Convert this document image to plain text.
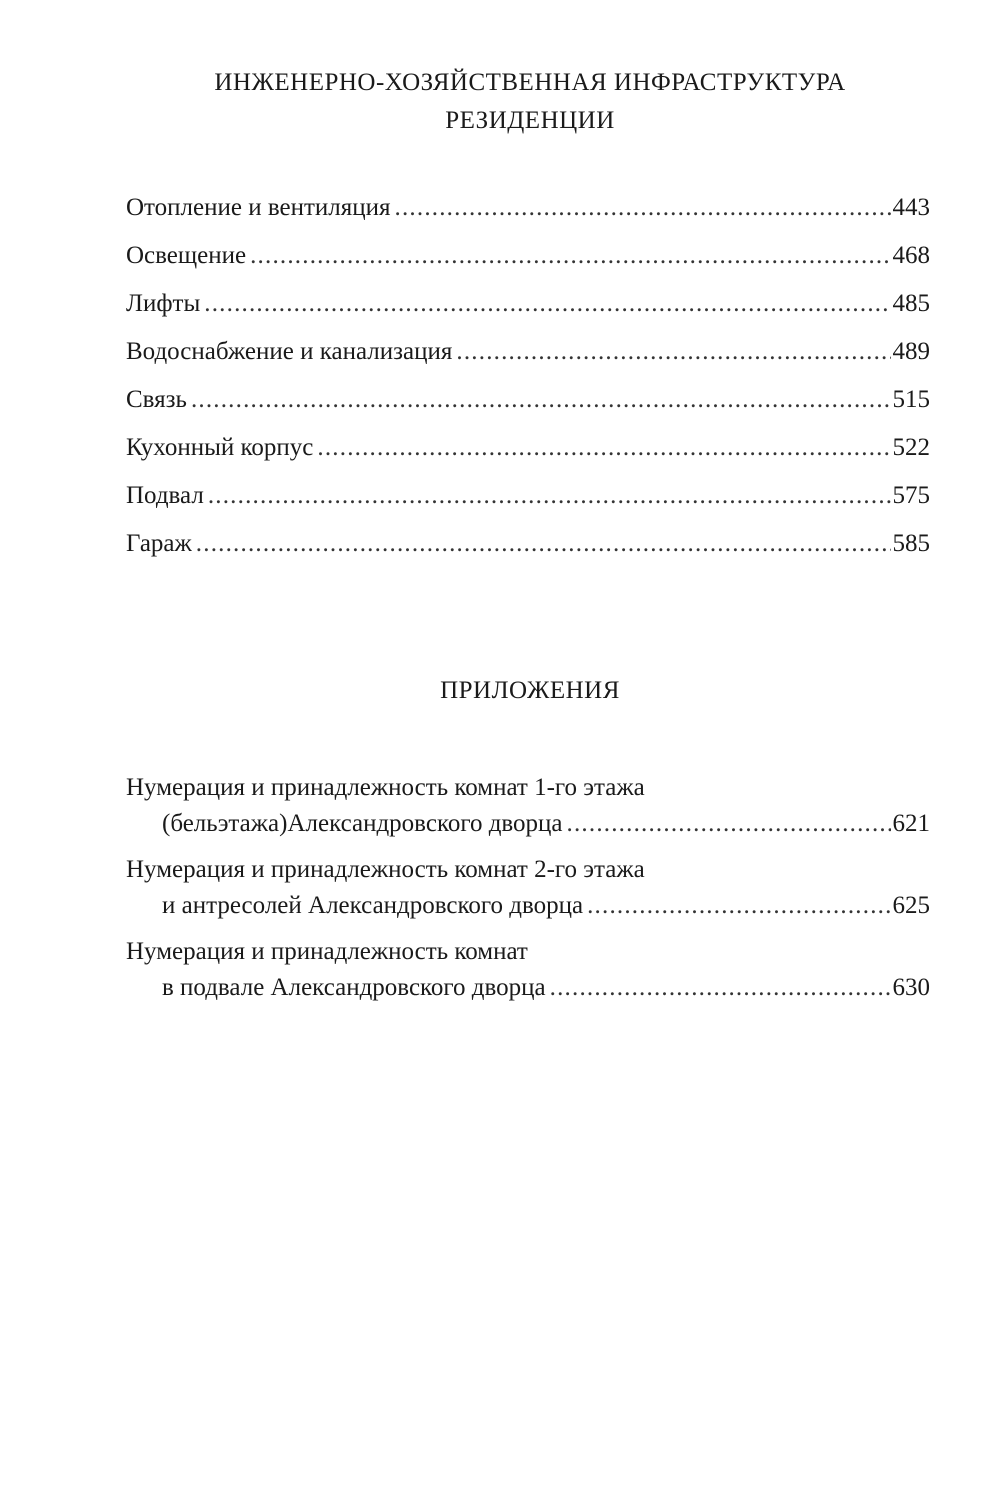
ИНЖЕНЕРНО-ХОЗЯЙСТВЕННАЯ ИНФРАСТРУКТУРА
РЕЗИДЕНЦИИ
Отопление и вентиляция .....	443
Освещение .....	468
Лифты .....	485
Водоснабжение и канализация .....	489
Связь .....	515
Кухонный корпус .....	522
Подвал .....	575
Гараж .....	585
ПРИЛОЖЕНИЯ
Нумерация и принадлежность комнат 1-го этажа
(бельэтажа)Александровского дворца .....	621
Нумерация и принадлежность комнат 2-го этажа
и антресолей Александровского дворца .....	625
Нумерация и принадлежность комнат
в подвале Александровского дворца .....	630
